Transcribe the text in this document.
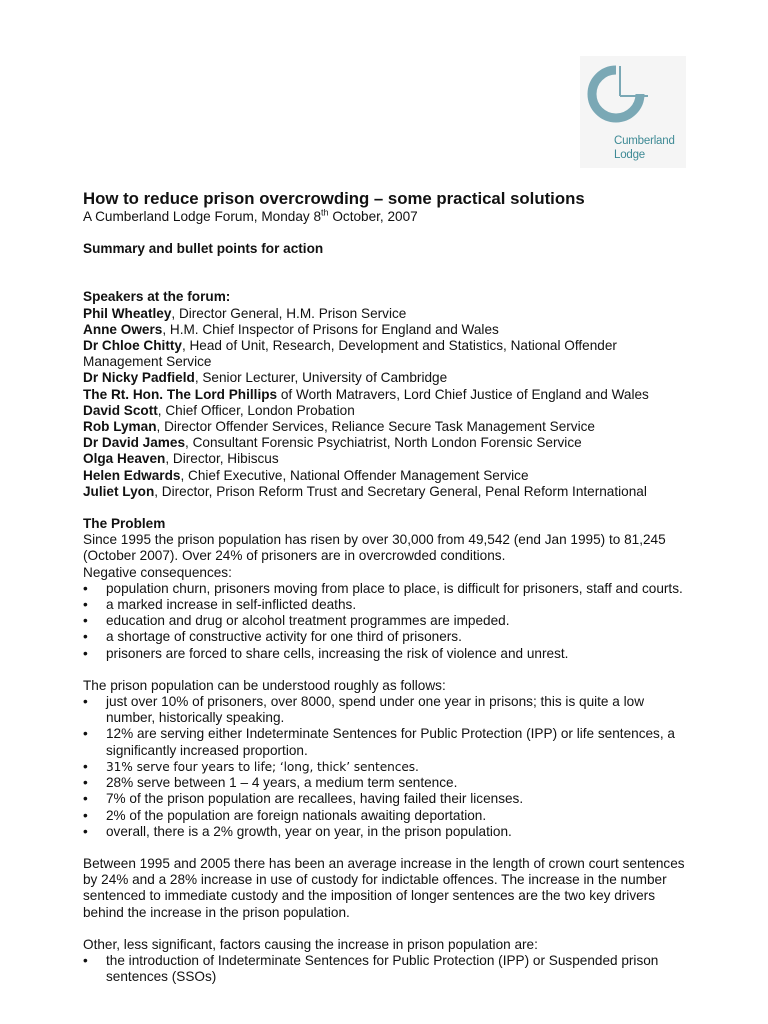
Cumberland
Lodge
How to reduce prison overcrowding – some practical solutions

A Cumberland Lodge Forum, Monday 8th October, 2007

Summary and bullet points for action

Speakers at the forum:

Phil Wheatley, Director General, H.M. Prison Service

Anne Owers, H.M. Chief Inspector of Prisons for England and Wales

Dr Chloe Chitty, Head of Unit, Research, Development and Statistics, National Offender Management Service

Dr Nicky Padfield, Senior Lecturer, University of Cambridge

The Rt. Hon. The Lord Phillips of Worth Matravers, Lord Chief Justice of England and Wales

David Scott, Chief Officer, London Probation

Rob Lyman, Director Offender Services, Reliance Secure Task Management Service

Dr David James, Consultant Forensic Psychiatrist, North London Forensic Service

Olga Heaven, Director, Hibiscus

Helen Edwards, Chief Executive, National Offender Management Service

Juliet Lyon, Director, Prison Reform Trust and Secretary General, Penal Reform International

The Problem

Since 1995 the prison population has risen by over 30,000 from 49,542 (end Jan 1995) to 81,245 (October 2007). Over 24% of prisoners are in overcrowded conditions.

Negative consequences:

• population churn, prisoners moving from place to place, is difficult for prisoners, staff and courts.
• a marked increase in self-inflicted deaths.
• education and drug or alcohol treatment programmes are impeded.
• a shortage of constructive activity for one third of prisoners.
• prisoners are forced to share cells, increasing the risk of violence and unrest.

The prison population can be understood roughly as follows:

• just over 10% of prisoners, over 8000, spend under one year in prisons; this is quite a low number, historically speaking.
• 12% are serving either Indeterminate Sentences for Public Protection (IPP) or life sentences, a significantly increased proportion.
• 31% serve four years to life; ‘long, thick’ sentences.
• 28% serve between 1 – 4 years, a medium term sentence.
• 7% of the prison population are recallees, having failed their licenses.
• 2% of the population are foreign nationals awaiting deportation.
• overall, there is a 2% growth, year on year, in the prison population.

Between 1995 and 2005 there has been an average increase in the length of crown court sentences by 24% and a 28% increase in use of custody for indictable offences. The increase in the number sentenced to immediate custody and the imposition of longer sentences are the two key drivers behind the increase in the prison population.

Other, less significant, factors causing the increase in prison population are:

• the introduction of Indeterminate Sentences for Public Protection (IPP) or Suspended prison sentences (SSOs)
